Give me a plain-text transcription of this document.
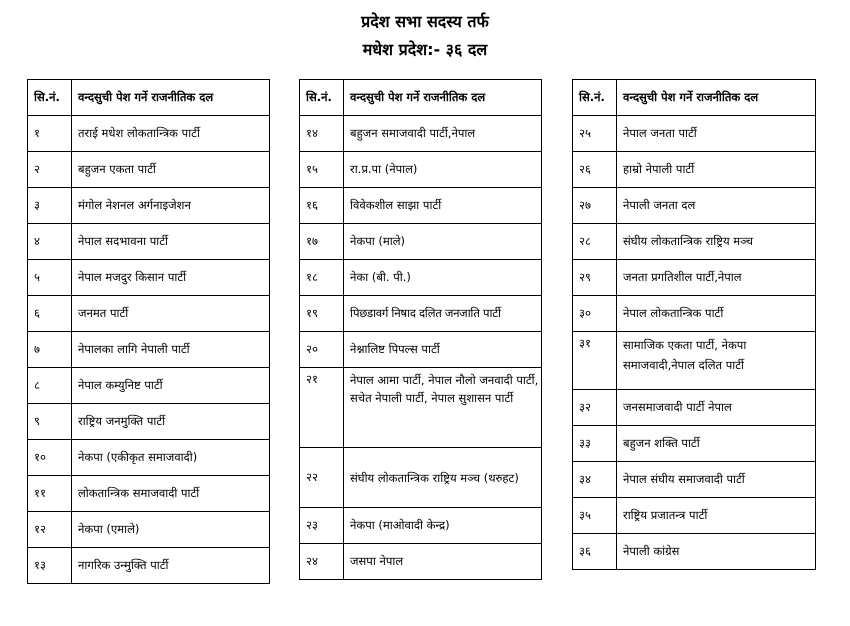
प्रदेश सभा सदस्य तर्फ
मधेश प्रदेश:- ३६ दल
सि.नं.	वन्दसुची पेश गर्ने राजनीतिक दल
१	तराई मधेश लोकतान्त्रिक पार्टी
२	बहुजन एकता पार्टी
३	मंगोल नेशनल अर्गनाइजेशन
४	नेपाल सदभावना पार्टी
५	नेपाल मजदुर किसान पार्टी
६	जनमत पार्टी
७	नेपालका लागि नेपाली पार्टी
८	नेपाल कम्युनिष्ट पार्टी
९	राष्ट्रिय जनमुक्ति पार्टी
१०	नेकपा (एकीकृत समाजवादी)
११	लोकतान्त्रिक समाजवादी पार्टी
१२	नेकपा (एमाले)
१३	नागरिक उन्मुक्ति पार्टी
सि.नं.	वन्दसुची पेश गर्ने राजनीतिक दल
१४	बहुजन समाजवादी पार्टी,नेपाल
१५	रा.प्र.पा (नेपाल)
१६	विवेकशील साझा पार्टी
१७	नेकपा (माले)
१८	नेका (बी. पी.)
१९	पिछडावर्ग निषाद दलित जनजाति पार्टी
२०	नेश्नालिष्ट पिपल्स पार्टी
२१	नेपाल आमा पार्टी, नेपाल नौलो जनवादी पार्टी, सचेत नेपाली पार्टी, नेपाल सुशासन पार्टी
२२	संघीय लोकतान्त्रिक राष्ट्रिय मञ्च (थरुहट)
२३	नेकपा (माओवादी केन्द्र)
२४	जसपा नेपाल
सि.नं.	वन्दसुची पेश गर्ने राजनीतिक दल
२५	नेपाल जनता पार्टी
२६	हाम्रो नेपाली पार्टी
२७	नेपाली जनता दल
२८	संघीय लोकतान्त्रिक राष्ट्रिय मञ्च
२९	जनता प्रगतिशील पार्टी,नेपाल
३०	नेपाल लोकतान्त्रिक पार्टी
३१	सामाजिक एकता पार्टी, नेकपा समाजवादी,नेपाल दलित पार्टी
३२	जनसमाजवादी पार्टी नेपाल
३३	बहुजन शक्ति पार्टी
३४	नेपाल संघीय समाजवादी पार्टी
३५	राष्ट्रिय प्रजातन्त्र पार्टी
३६	नेपाली कांग्रेस
